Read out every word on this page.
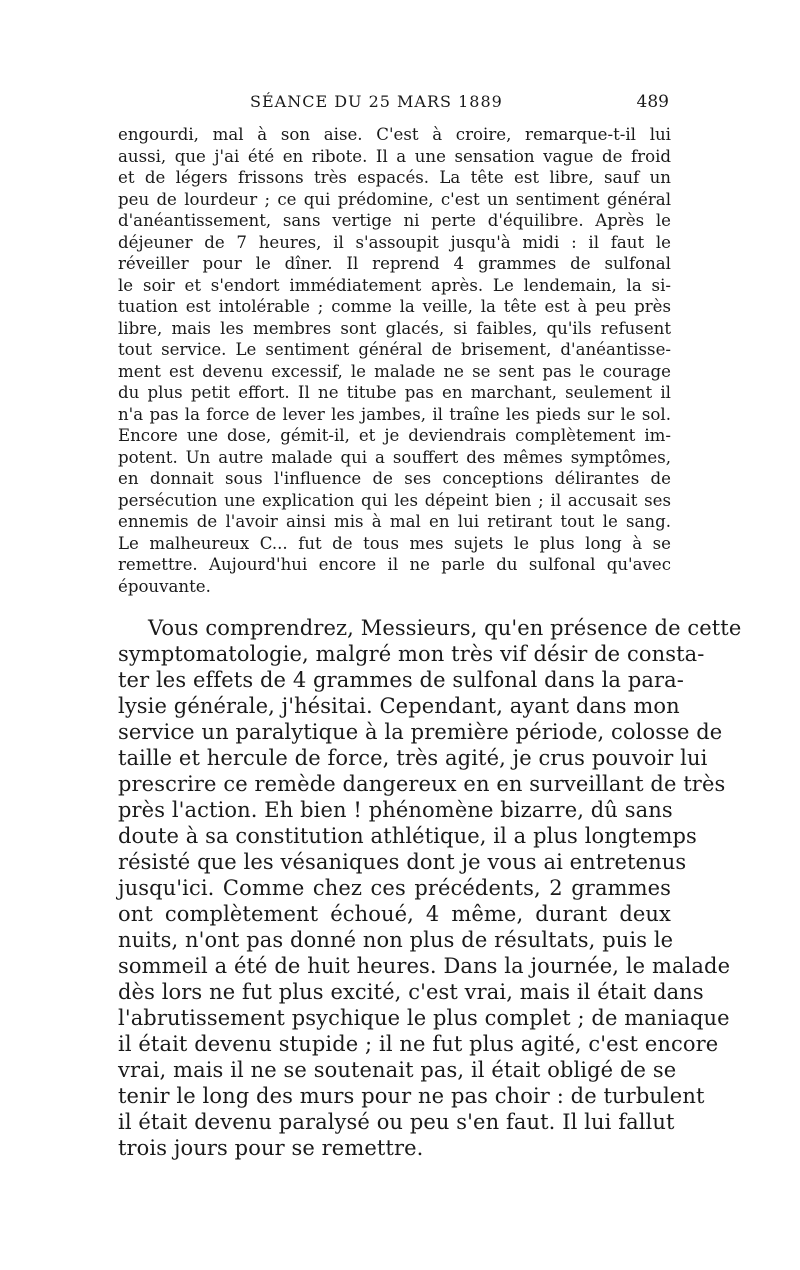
SÉANCE DU 25 MARS 1889	489
engourdi, mal à son aise. C'est à croire, remarque-t-il lui
aussi, que j'ai été en ribote. Il a une sensation vague de froid
et de légers frissons très espacés. La tête est libre, sauf un
peu de lourdeur ; ce qui prédomine, c'est un sentiment général
d'anéantissement, sans vertige ni perte d'équilibre. Après le
déjeuner de 7 heures, il s'assoupit jusqu'à midi : il faut le
réveiller pour le dîner. Il reprend 4 grammes de sulfonal
le soir et s'endort immédiatement après. Le lendemain, la si-
tuation est intolérable ; comme la veille, la tête est à peu près
libre, mais les membres sont glacés, si faibles, qu'ils refusent
tout service. Le sentiment général de brisement, d'anéantisse-
ment est devenu excessif, le malade ne se sent pas le courage
du plus petit effort. Il ne titube pas en marchant, seulement il
n'a pas la force de lever les jambes, il traîne les pieds sur le sol.
Encore une dose, gémit-il, et je deviendrais complètement im-
potent. Un autre malade qui a souffert des mêmes symptômes,
en donnait sous l'influence de ses conceptions délirantes de
persécution une explication qui les dépeint bien ; il accusait ses
ennemis de l'avoir ainsi mis à mal en lui retirant tout le sang.
Le malheureux C... fut de tous mes sujets le plus long à se
remettre. Aujourd'hui encore il ne parle du sulfonal qu'avec
épouvante.
Vous comprendrez, Messieurs, qu'en présence de cette
symptomatologie, malgré mon très vif désir de consta-
ter les effets de 4 grammes de sulfonal dans la para-
lysie générale, j'hésitai. Cependant, ayant dans mon
service un paralytique à la première période, colosse de
taille et hercule de force, très agité, je crus pouvoir lui
prescrire ce remède dangereux en en surveillant de très
près l'action. Eh bien ! phénomène bizarre, dû sans
doute à sa constitution athlétique, il a plus longtemps
résisté que les vésaniques dont je vous ai entretenus
jusqu'ici. Comme chez ces précédents, 2 grammes
ont complètement échoué, 4 même, durant deux
nuits, n'ont pas donné non plus de résultats, puis le
sommeil a été de huit heures. Dans la journée, le malade
dès lors ne fut plus excité, c'est vrai, mais il était dans
l'abrutissement psychique le plus complet ; de maniaque
il était devenu stupide ; il ne fut plus agité, c'est encore
vrai, mais il ne se soutenait pas, il était obligé de se
tenir le long des murs pour ne pas choir : de turbulent
il était devenu paralysé ou peu s'en faut. Il lui fallut
trois jours pour se remettre.
